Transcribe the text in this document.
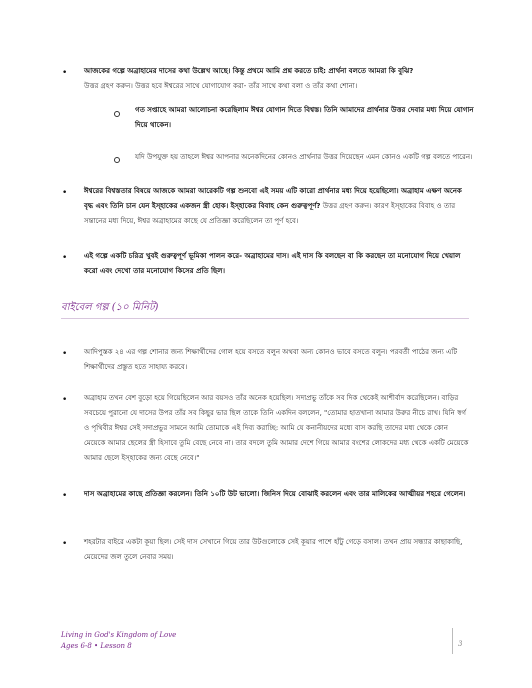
• আজকের গল্পে অব্রাহামের দাসের কথা উল্লেখ আছে। কিন্তু প্রথমে আমি প্রশ্ন করতে চাই: প্রার্থনা বলতে আমরা কি বুঝি?
উত্তর গ্রহণ করুন। উত্তর হবে ঈশ্বরের সাথে যোগাযোগ করা- তাঁর সাথে কথা বলা ও তাঁর কথা শোনা।
গত সপ্তাহে আমরা আলোচনা করেছিলাম ঈশ্বর যোগান দিতে বিশ্বস্ত। তিনি আমাদের প্রার্থনার উত্তর দেবার মধ্য দিয়ে যোগান দিয়ে থাকেন।
যদি উপযুক্ত হয় তাহলে ঈশ্বর আপনার অনেকদিনের কোনও প্রার্থনার উত্তর দিয়েছেন এমন কোনও একটি গল্প বলতে পারেন।
• ঈশ্বরের বিশ্বস্ততার বিষয়ে আজকে আমরা আরেকটি গল্প শুনবো এই সময় এটি কারো প্রার্থনার মধ্য দিয়ে হয়েছিলো। অব্রাহাম এক্ষণ অনেক বৃদ্ধ এবং তিনি চান যেন ইস্হাকের একজন স্ত্রী হোক। ইস্হাকের বিবাহ কেন গুরুত্বপূর্ণ? উত্তর গ্রহণ করুন। কারণ ইস্হাকের বিবাহ ও তার সন্তানের মধ্য দিয়ে, ঈশ্বর অব্রাহামের কাছে যে প্রতিজ্ঞা করেছিলেন তা পূর্ণ হবে।
• এই গল্পে একটি চরিত্র খুবই গুরুত্বপূর্ণ ভূমিকা পালন করে- অব্রাহামের দাস। এই দাস কি বলছেন বা কি করছেন তা মনোযোগ দিয়ে খেয়াল করো এবং দেখো তার মনোযোগ কিসের প্রতি ছিল।
বাইবেল গল্প (১০ মিনিট)
• আদিপুস্তক ২৪ এর গল্প শোনার জন্য শিক্ষার্থীদের গোল হয়ে বসতে বলুন অথবা অন্য কোনও ভাবে বসতে বলুন। পরবর্তী পাঠের জন্য এটি শিক্ষার্থীদের প্রস্তুত হতে সাহায্য করবে।
• অব্রাহাম তখন বেশ বুড়ো হয়ে গিয়েছিলেন আর বয়সও তাঁর অনেক হয়েছিল। সদাপ্রভু তাঁকে সব দিক থেকেই আশীর্বাদ করেছিলেন। বাড়ির সবচেয়ে পুরানো যে দাসের উপর তাঁর সব কিছুর ভার ছিল তাকে তিনি একদিন বললেন, "তোমার হাতখানা আমার উরুর নীচে রাখ। যিনি স্বর্গ ও পৃথিবীর ঈশ্বর সেই সদাপ্রভুর সামনে আমি তোমাকে এই দিব্য করাচ্ছি: আমি যে কনানীয়দের মধ্যে বাস করছি তাদের মধ্য থেকে কোন মেয়েকে আমার ছেলের স্ত্রী হিসাবে তুমি বেছে নেবে না। তার বদলে তুমি আমার দেশে গিয়ে আমার বংশের লোকদের মধ্য থেকে একটি মেয়েকে আমার ছেলে ইস্হাকের জন্য বেছে নেবে।"
• দাস অব্রাহামের কাছে প্রতিজ্ঞা করলেন। তিনি ১০টি উট ভালো। জিনিস দিয়ে বোঝাই করলেন এবং তার মালিকের আত্মীয়র শহরে গেলেন।
• শহরটার বাইরে একটা কূয়া ছিল। সেই দাস সেখানে গিয়ে তার উটগুলোকে সেই কূয়ার পাশে হাঁটু গেড়ে বসাল। তখন প্রায় সন্ধ্যার কাছাকাছি, মেয়েদের জল তুলে নেবার সময়।
Living in God's Kingdom of Love
Ages 6-8 • Lesson 8	3
